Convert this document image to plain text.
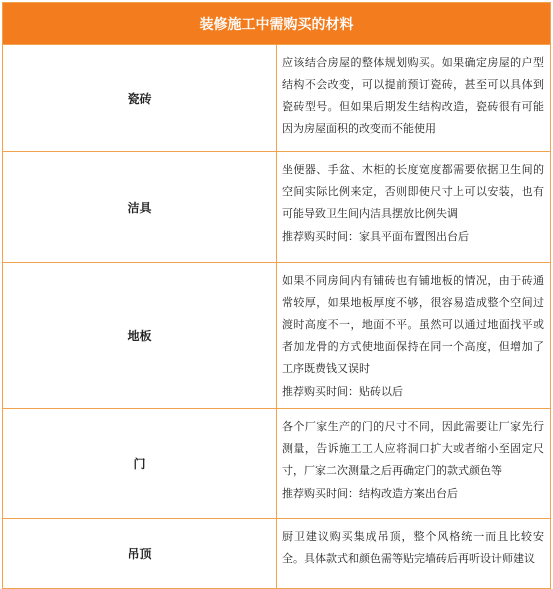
装修施工中需购买的材料	
瓷砖	应该结合房屋的整体规划购买。如果确定房屋的户型结构不会改变，可以提前预订瓷砖，甚至可以具体到瓷砖型号。但如果后期发生结构改造，瓷砖很有可能因为房屋面积的改变而不能使用

洁具	坐便器、手盆、木柜的长度宽度都需要依据卫生间的空间实际比例来定，否则即使尺寸上可以安装，也有可能导致卫生间内洁具摆放比例失调

推荐购买时间：家具平面布置图出台后

地板	如果不同房间内有铺砖也有铺地板的情况，由于砖通常较厚，如果地板厚度不够，很容易造成整个空间过渡时高度不一，地面不平。虽然可以通过地面找平或者加龙骨的方式使地面保持在同一个高度，但增加了工序既费钱又误时

推荐购买时间：贴砖以后

门	各个厂家生产的门的尺寸不同，因此需要让厂家先行测量，告诉施工工人应将洞口扩大或者缩小至固定尺寸，厂家二次测量之后再确定门的款式颜色等

推荐购买时间：结构改造方案出台后

吊顶	厨卫建议购买集成吊顶，整个风格统一而且比较安全。具体款式和颜色需等贴完墙砖后再听设计师建议
